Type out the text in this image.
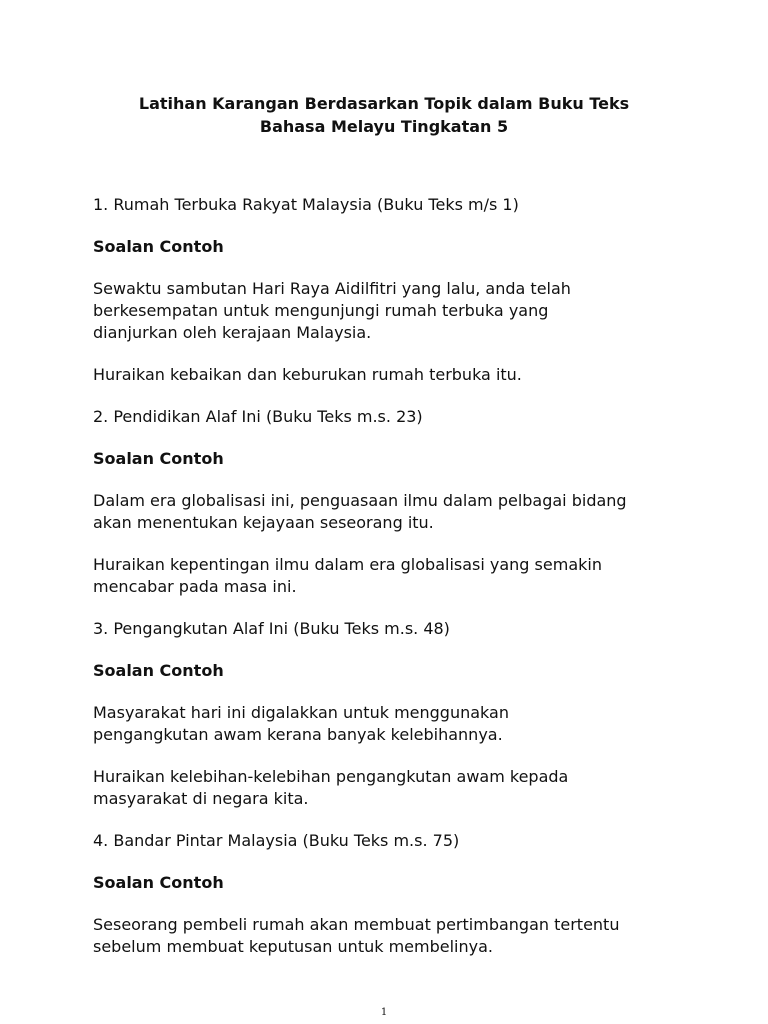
Latihan Karangan Berdasarkan Topik dalam Buku Teks
Bahasa Melayu Tingkatan 5

1. Rumah Terbuka Rakyat Malaysia (Buku Teks m/s 1)

Soalan Contoh

Sewaktu sambutan Hari Raya Aidilfitri yang lalu, anda telah
berkesempatan untuk mengunjungi rumah terbuka yang
dianjurkan oleh kerajaan Malaysia.

Huraikan kebaikan dan keburukan rumah terbuka itu.

2. Pendidikan Alaf Ini (Buku Teks m.s. 23)

Soalan Contoh

Dalam era globalisasi ini, penguasaan ilmu dalam pelbagai bidang
akan menentukan kejayaan seseorang itu.

Huraikan kepentingan ilmu dalam era globalisasi yang semakin
mencabar pada masa ini.

3. Pengangkutan Alaf Ini (Buku Teks m.s. 48)

Soalan Contoh

Masyarakat hari ini digalakkan untuk menggunakan
pengangkutan awam kerana banyak kelebihannya.

Huraikan kelebihan-kelebihan pengangkutan awam kepada
masyarakat di negara kita.

4. Bandar Pintar Malaysia (Buku Teks m.s. 75)

Soalan Contoh

Seseorang pembeli rumah akan membuat pertimbangan tertentu
sebelum membuat keputusan untuk membelinya.

1
